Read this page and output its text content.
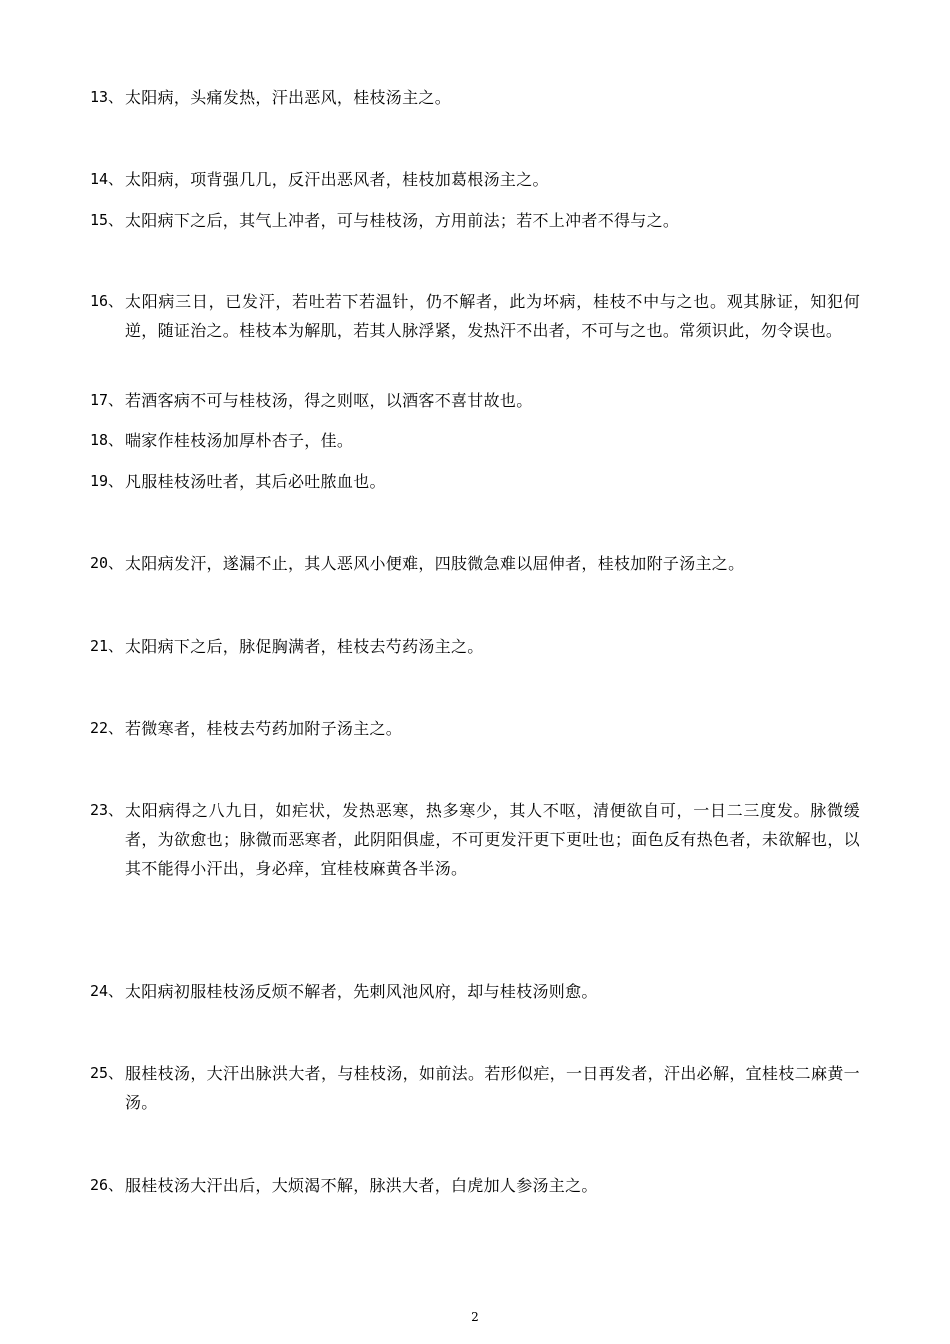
13、 太阳病，头痛发热，汗出恶风，桂枝汤主之。
14、 太阳病，项背强几几，反汗出恶风者，桂枝加葛根汤主之。
15、 太阳病下之后，其气上冲者，可与桂枝汤，方用前法；若不上冲者不得与之。
16、 太阳病三日，已发汗，若吐若下若温针，仍不解者，此为坏病，桂枝不中与之也。观其脉证，知犯何逆，随证治之。桂枝本为解肌，若其人脉浮紧，发热汗不出者，不可与之也。常须识此，勿令误也。
17、 若酒客病不可与桂枝汤，得之则呕，以酒客不喜甘故也。
18、 喘家作桂枝汤加厚朴杏子，佳。
19、 凡服桂枝汤吐者，其后必吐脓血也。
20、 太阳病发汗，遂漏不止，其人恶风小便难，四肢微急难以屈伸者，桂枝加附子汤主之。
21、 太阳病下之后，脉促胸满者，桂枝去芍药汤主之。
22、 若微寒者，桂枝去芍药加附子汤主之。
23、 太阳病得之八九日，如疟状，发热恶寒，热多寒少，其人不呕，清便欲自可，一日二三度发。脉微缓者，为欲愈也；脉微而恶寒者，此阴阳俱虚，不可更发汗更下更吐也；面色反有热色者，未欲解也，以其不能得小汗出，身必痒，宜桂枝麻黄各半汤。
24、 太阳病初服桂枝汤反烦不解者，先刺风池风府，却与桂枝汤则愈。
25、 服桂枝汤，大汗出脉洪大者，与桂枝汤，如前法。若形似疟，一日再发者，汗出必解，宜桂枝二麻黄一汤。
26、 服桂枝汤大汗出后，大烦渴不解，脉洪大者，白虎加人参汤主之。
2
